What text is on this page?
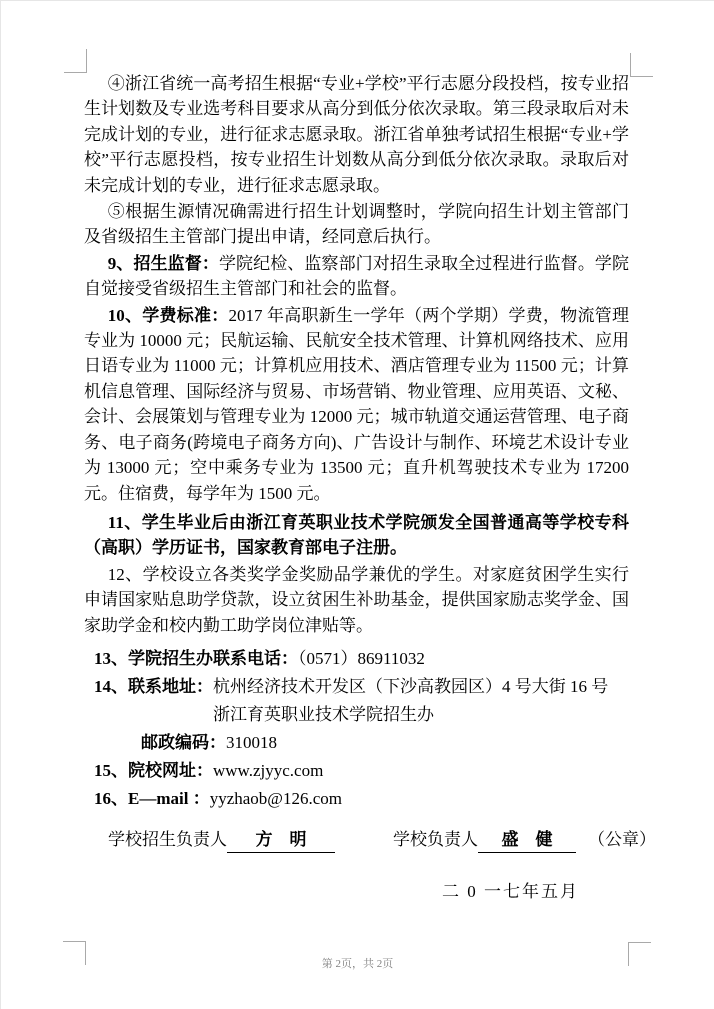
④浙江省统一高考招生根据“专业+学校”平行志愿分段投档，按专业招生计划数及专业选考科目要求从高分到低分依次录取。第三段录取后对未完成计划的专业，进行征求志愿录取。浙江省单独考试招生根据“专业+学校”平行志愿投档，按专业招生计划数从高分到低分依次录取。录取后对未完成计划的专业，进行征求志愿录取。

⑤根据生源情况确需进行招生计划调整时，学院向招生计划主管部门及省级招生主管部门提出申请，经同意后执行。

9、招生监督：学院纪检、监察部门对招生录取全过程进行监督。学院自觉接受省级招生主管部门和社会的监督。

10、学费标准：2017 年高职新生一学年（两个学期）学费，物流管理专业为 10000 元；民航运输、民航安全技术管理、计算机网络技术、应用日语专业为 11000 元；计算机应用技术、酒店管理专业为 11500 元；计算机信息管理、国际经济与贸易、市场营销、物业管理、应用英语、文秘、会计、会展策划与管理专业为 12000 元；城市轨道交通运营管理、电子商务、电子商务(跨境电子商务方向)、广告设计与制作、环境艺术设计专业为 13000 元；空中乘务专业为 13500 元；直升机驾驶技术专业为 17200 元。住宿费，每学年为 1500 元。

11、学生毕业后由浙江育英职业技术学院颁发全国普通高等学校专科（高职）学历证书，国家教育部电子注册。

12、学校设立各类奖学金奖励品学兼优的学生。对家庭贫困学生实行申请国家贴息助学贷款，设立贫困生补助基金，提供国家励志奖学金、国家助学金和校内勤工助学岗位津贴等。

13、学院招生办联系电话：（0571）86911032
14、联系地址：杭州经济技术开发区（下沙高教园区）4 号大街 16 号
浙江育英职业技术学院招生办
邮政编码：310018
15、院校网址：www.zjyyc.com
16、E—mail ：yyzhaob@126.com
学校招生负责人 方　明	学校负责人 盛　健 （公章）
二 0 一七年五月
第 2页，共 2页
